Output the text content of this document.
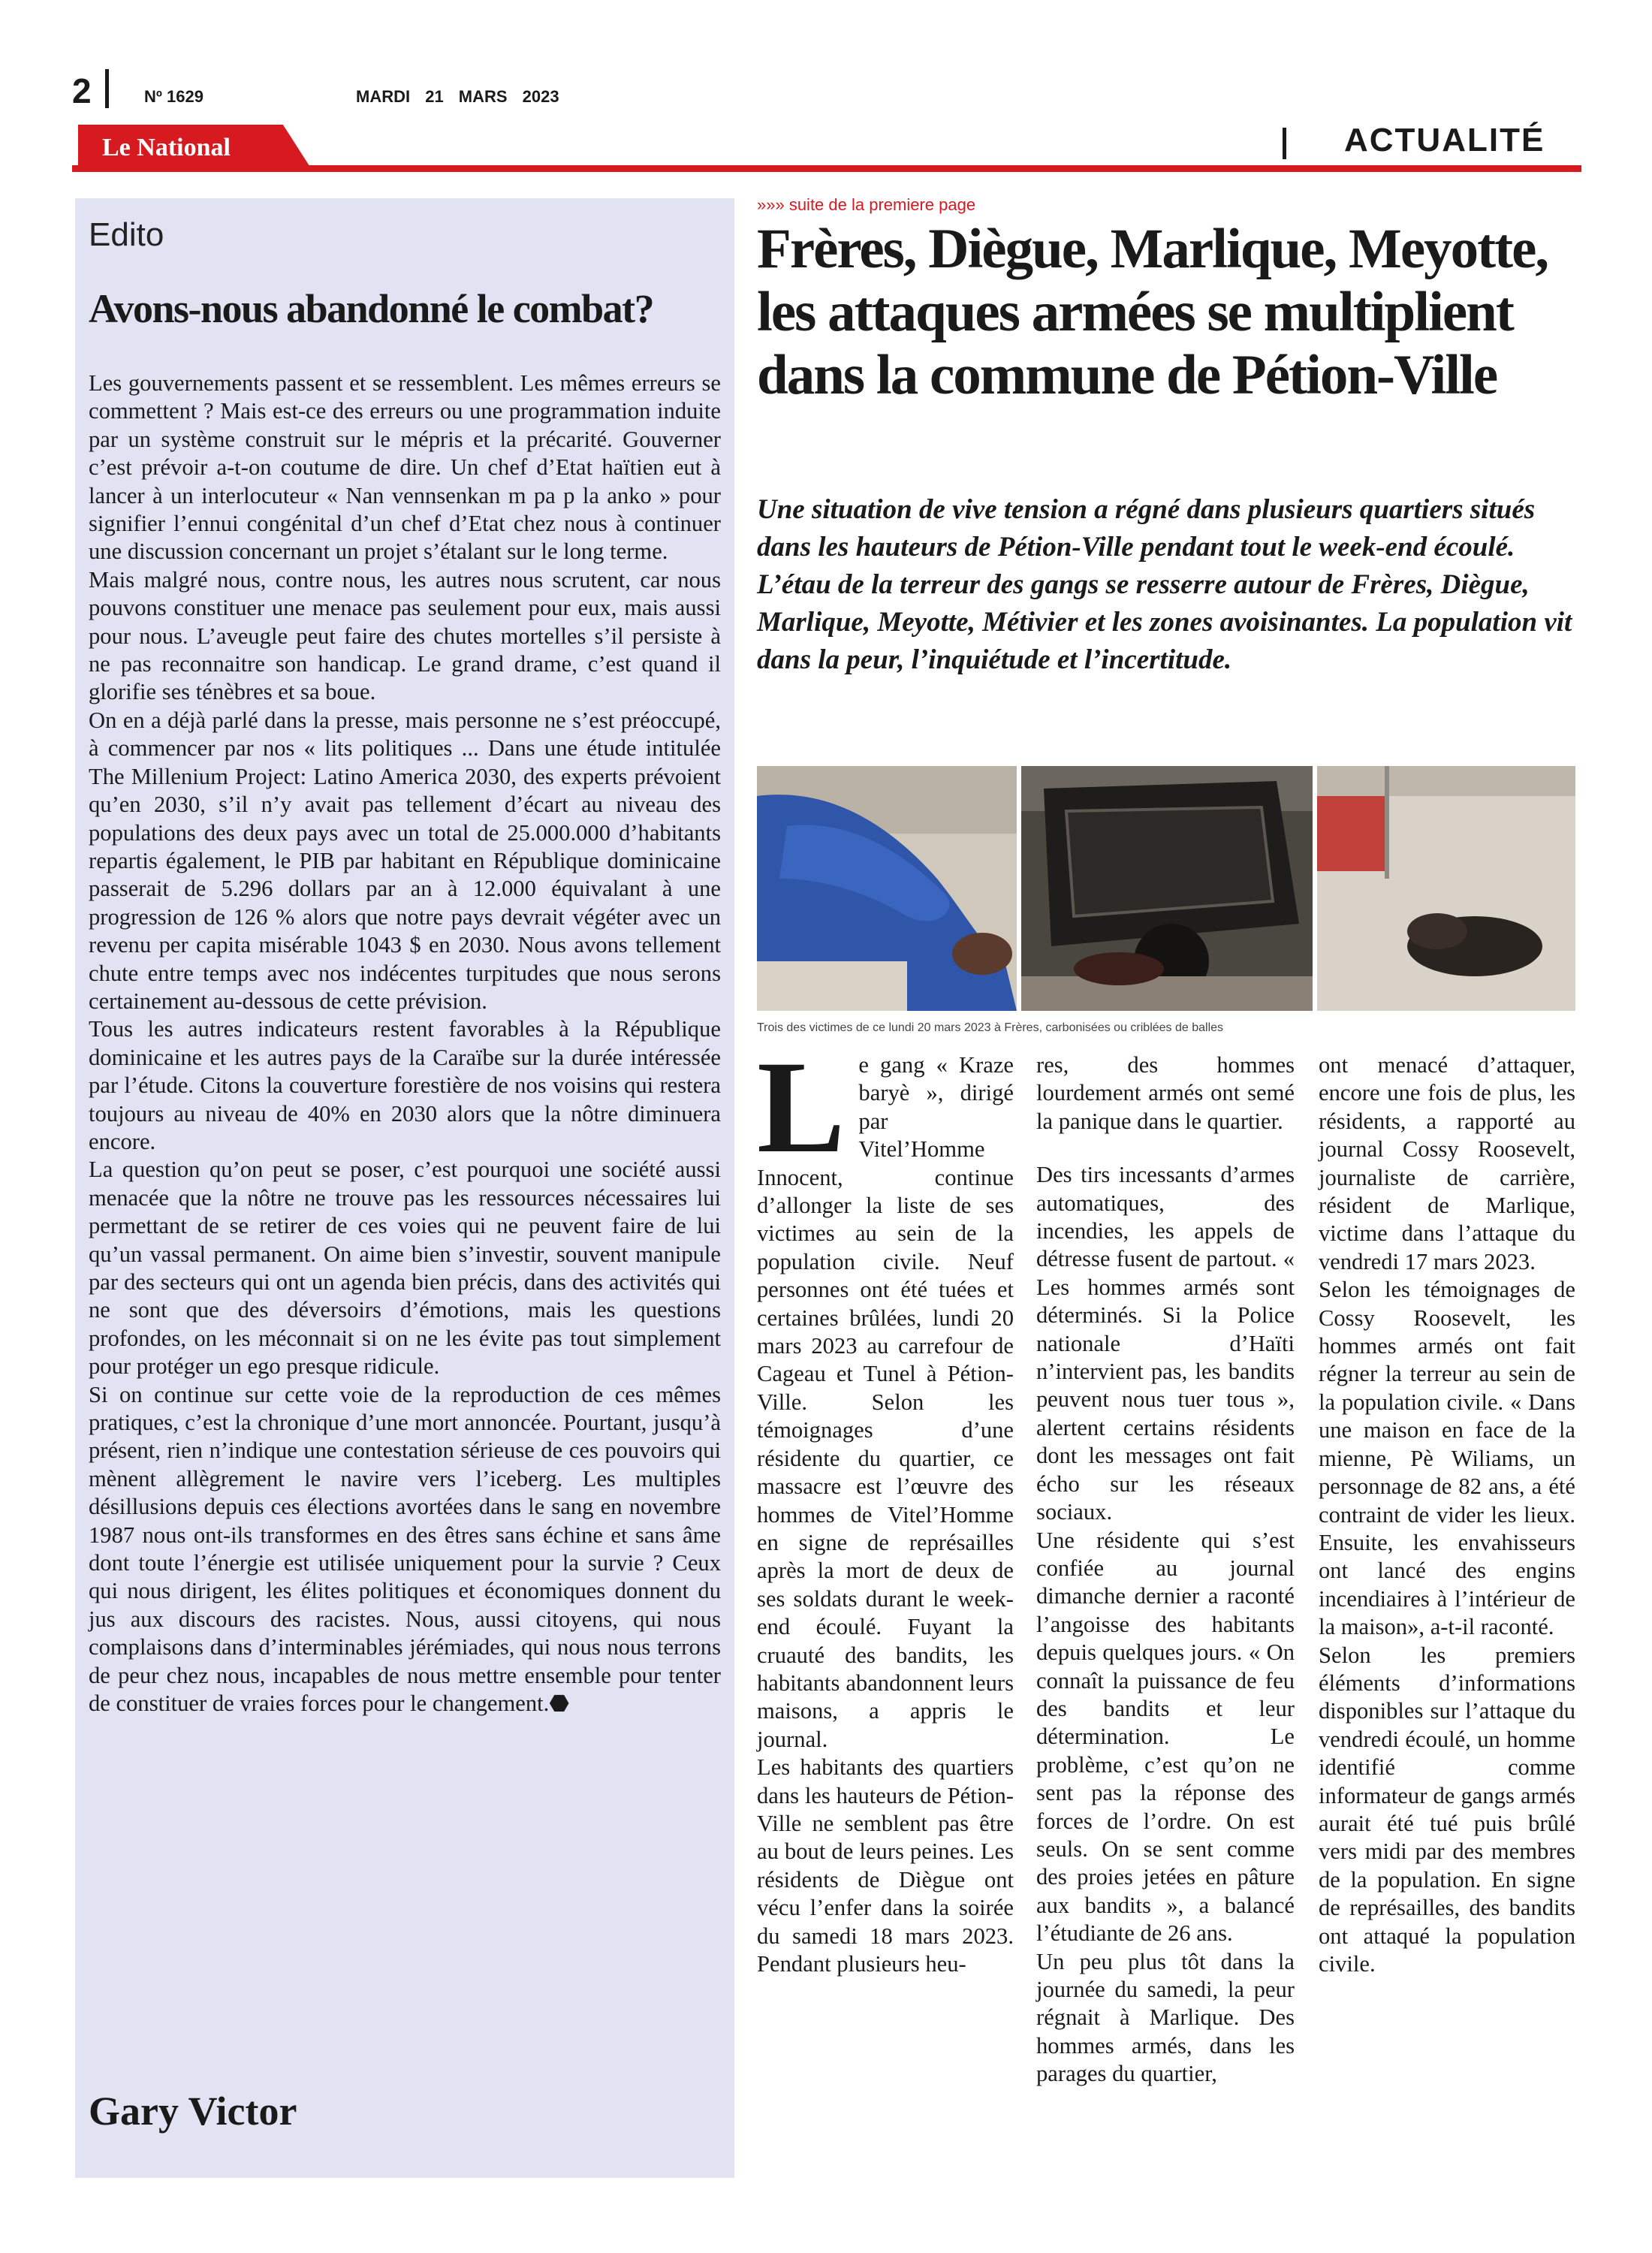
2	Nº 1629	MARDI 21 MARS 2023
Le National	ACTUALITÉ
Edito
Avons-nous abandonné le combat?

Les gouvernements passent et se ressemblent. Les mêmes erreurs se commettent ? Mais est-ce des erreurs ou une programmation induite par un système construit sur le mépris et la précarité. Gouverner c’est prévoir a-t-on coutume de dire. Un chef d’Etat haïtien eut à lancer à un interlocuteur « Nan vennsenkan m pa p la anko » pour signifier l’ennui congénital d’un chef d’Etat chez nous à continuer une discussion concernant un projet s’étalant sur le long terme.

Mais malgré nous, contre nous, les autres nous scrutent, car nous pouvons constituer une menace pas seulement pour eux, mais aussi pour nous. L’aveugle peut faire des chutes mortelles s’il persiste à ne pas reconnaitre son handicap. Le grand drame, c’est quand il glorifie ses ténèbres et sa boue.

On en a déjà parlé dans la presse, mais personne ne s’est préoccupé, à commencer par nos « lits politiques ... Dans une étude intitulée The Millenium Project: Latino America 2030, des experts prévoient qu’en 2030, s’il n’y avait pas tellement d’écart au niveau des populations des deux pays avec un total de 25.000.000 d’habitants repartis également, le PIB par habitant en République dominicaine passerait de 5.296 dollars par an à 12.000 équivalant à une progression de 126 % alors que notre pays devrait végéter avec un revenu per capita misérable 1043 $ en 2030. Nous avons tellement chute entre temps avec nos indécentes turpitudes que nous serons certainement au-dessous de cette prévision.

Tous les autres indicateurs restent favorables à la République dominicaine et les autres pays de la Caraïbe sur la durée intéressée par l’étude. Citons la couverture forestière de nos voisins qui restera toujours au niveau de 40% en 2030 alors que la nôtre diminuera encore.

La question qu’on peut se poser, c’est pourquoi une société aussi menacée que la nôtre ne trouve pas les ressources nécessaires lui permettant de se retirer de ces voies qui ne peuvent faire de lui qu’un vassal permanent. On aime bien s’investir, souvent manipule par des secteurs qui ont un agenda bien précis, dans des activités qui ne sont que des déversoirs d’émotions, mais les questions profondes, on les méconnait si on ne les évite pas tout simplement pour protéger un ego presque ridicule.

Si on continue sur cette voie de la reproduction de ces mêmes pratiques, c’est la chronique d’une mort annoncée. Pourtant, jusqu’à présent, rien n’indique une contestation sérieuse de ces pouvoirs qui mènent allègrement le navire vers l’iceberg. Les multiples désillusions depuis ces élections avortées dans le sang en novembre 1987 nous ont-ils transformes en des êtres sans échine et sans âme dont toute l’énergie est utilisée uniquement pour la survie ? Ceux qui nous dirigent, les élites politiques et économiques donnent du jus aux discours des racistes. Nous, aussi citoyens, qui nous complaisons dans d’interminables jérémiades, qui nous nous terrons de peur chez nous, incapables de nous mettre ensemble pour tenter de constituer de vraies forces pour le changement.⬣

Gary Victor
»»» suite de la premiere page
Frères, Diègue, Marlique, Meyotte, les attaques armées se multiplient dans la commune de Pétion-Ville

Une situation de vive tension a régné dans plusieurs quartiers situés dans les hauteurs de Pétion-Ville pendant tout le week-end écoulé. L’étau de la terreur des gangs se resserre autour de Frères, Diègue, Marlique, Meyotte, Métivier et les zones avoisinantes. La population vit dans la peur, l’inquiétude et l’incertitude.

Trois des victimes de ce lundi 20 mars 2023 à Frères, carbonisées ou criblées de balles
L e gang « Kraze baryè », dirigé par Vitel’Homme Innocent, continue d’allonger la liste de ses victimes au sein de la population civile. Neuf personnes ont été tuées et certaines brûlées, lundi 20 mars 2023 au carrefour de Cageau et Tunel à Pétion-Ville. Selon les témoignages d’une résidente du quartier, ce massacre est l’œuvre des hommes de Vitel’Homme en signe de représailles après la mort de deux de ses soldats durant le week-end écoulé. Fuyant la cruauté des bandits, les habitants abandonnent leurs maisons, a appris le journal.

Les habitants des quartiers dans les hauteurs de Pétion-Ville ne semblent pas être au bout de leurs peines. Les résidents de Diègue ont vécu l’enfer dans la soirée du samedi 18 mars 2023. Pendant plusieurs heu-

res, des hommes lourdement armés ont semé la panique dans le quartier.

Des tirs incessants d’armes automatiques, des incendies, les appels de détresse fusent de partout. « Les hommes armés sont déterminés. Si la Police nationale d’Haïti n’intervient pas, les bandits peuvent nous tuer tous », alertent certains résidents dont les messages ont fait écho sur les réseaux sociaux.

Une résidente qui s’est confiée au journal dimanche dernier a raconté l’angoisse des habitants depuis quelques jours. « On connaît la puissance de feu des bandits et leur détermination. Le problème, c’est qu’on ne sent pas la réponse des forces de l’ordre. On est seuls. On se sent comme des proies jetées en pâture aux bandits », a balancé l’étudiante de 26 ans.

Un peu plus tôt dans la journée du samedi, la peur régnait à Marlique. Des hommes armés, dans les parages du quartier,

ont menacé d’attaquer, encore une fois de plus, les résidents, a rapporté au journal Cossy Roosevelt, journaliste de carrière, résident de Marlique, victime dans l’attaque du vendredi 17 mars 2023.

Selon les témoignages de Cossy Roosevelt, les hommes armés ont fait régner la terreur au sein de la population civile. « Dans une maison en face de la mienne, Pè Wiliams, un personnage de 82 ans, a été contraint de vider les lieux. Ensuite, les envahisseurs ont lancé des engins incendiaires à l’intérieur de la maison», a-t-il raconté.

Selon les premiers éléments d’informations disponibles sur l’attaque du vendredi écoulé, un homme identifié comme informateur de gangs armés aurait été tué puis brûlé vers midi par des membres de la population. En signe de représailles, des bandits ont attaqué la population civile.
